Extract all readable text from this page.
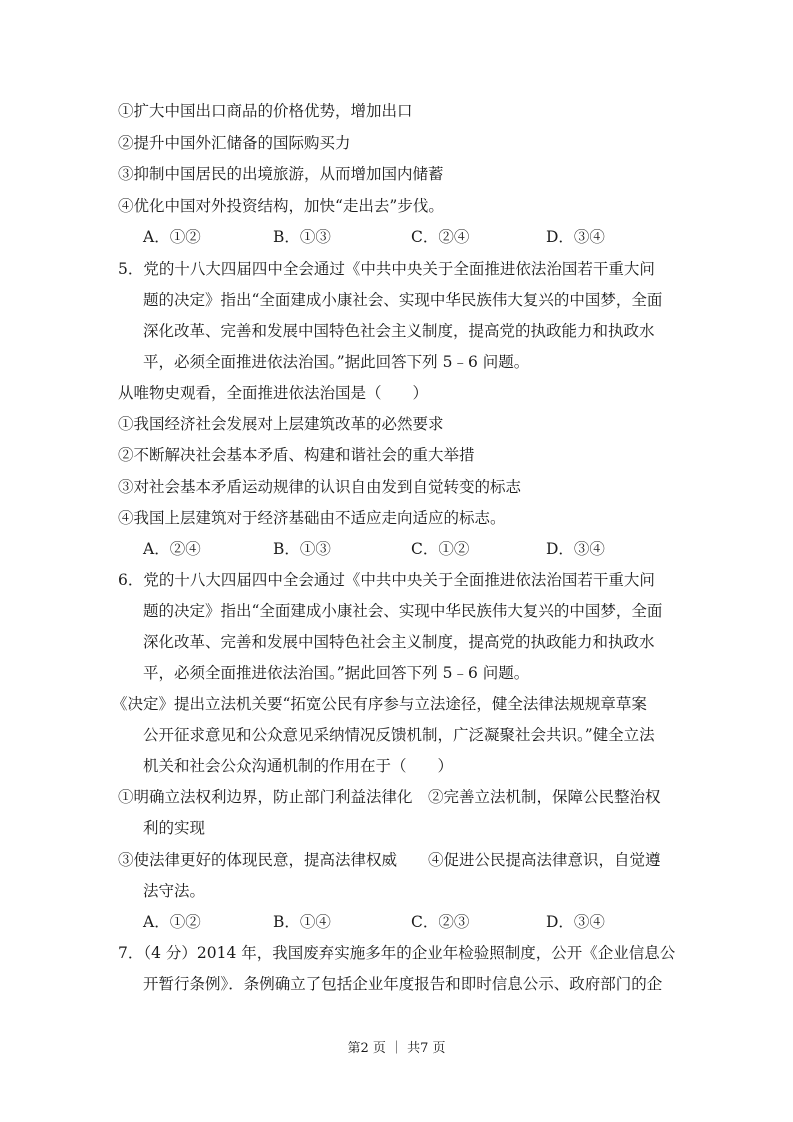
①扩大中国出口商品的价格优势，增加出口
②提升中国外汇储备的国际购买力
③抑制中国居民的出境旅游，从而增加国内储蓄
④优化中国对外投资结构，加快“走出去”步伐。
A．①②	B．①③	C．②④	D．③④
5．党的十八大四届四中全会通过《中共中央关于全面推进依法治国若干重大问
题的决定》指出“全面建成小康社会、实现中华民族伟大复兴的中国梦，全面
深化改革、完善和发展中国特色社会主义制度，提高党的执政能力和执政水
平，必须全面推进依法治国。”据此回答下列 5﹣6 问题。
从唯物史观看，全面推进依法治国是（　　）
①我国经济社会发展对上层建筑改革的必然要求
②不断解决社会基本矛盾、构建和谐社会的重大举措
③对社会基本矛盾运动规律的认识自由发到自觉转变的标志
④我国上层建筑对于经济基础由不适应走向适应的标志。
A．②④	B．①③	C．①②	D．③④
6．党的十八大四届四中全会通过《中共中央关于全面推进依法治国若干重大问
题的决定》指出“全面建成小康社会、实现中华民族伟大复兴的中国梦，全面
深化改革、完善和发展中国特色社会主义制度，提高党的执政能力和执政水
平，必须全面推进依法治国。”据此回答下列 5﹣6 问题。
《决定》提出立法机关要“拓宽公民有序参与立法途径，健全法律法规规章草案
公开征求意见和公众意见采纳情况反馈机制，广泛凝聚社会共识。”健全立法
机关和社会公众沟通机制的作用在于（　　）
①明确立法权利边界，防止部门利益法律化　②完善立法机制，保障公民整治权
利的实现
③使法律更好的体现民意，提高法律权威　　④促进公民提高法律意识，自觉遵
法守法。
A．①②	B．①④	C．②③	D．③④
7．（4 分）2014 年，我国废弃实施多年的企业年检验照制度，公开《企业信息公
开暂行条例》．条例确立了包括企业年度报告和即时信息公示、政府部门的企
第2 页 ｜ 共7 页
